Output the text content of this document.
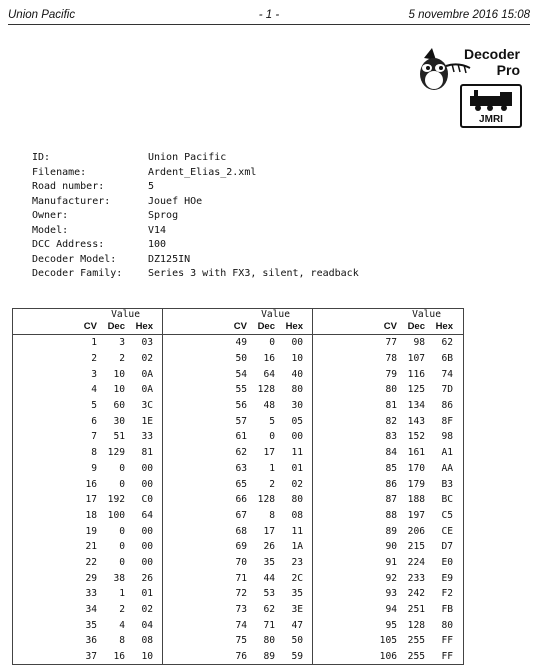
Union Pacific	- 1 -	5 novembre 2016 15:08
Decoder
Pro
JMRI
ID:	Union Pacific
Filename:	Ardent_Elias_2.xml
Road number:	5
Manufacturer:	Jouef HOe
Owner:	Sprog
Model:	V14
DCC Address:	100
Decoder Model:	DZ125IN
Decoder Family:	Series 3 with FX3, silent, readback
Value
CV	Dec	Hex
1	3	03
2	2	02
3	10	0A
4	10	0A
5	60	3C
6	30	1E
7	51	33
8	129	81
9	0	00
16	0	00
17	192	C0
18	100	64
19	0	00
21	0	00
22	0	00
29	38	26
33	1	01
34	2	02
35	4	04
36	8	08
37	16	10
Value
CV	Dec	Hex
49	0	00
50	16	10
54	64	40
55	128	80
56	48	30
57	5	05
61	0	00
62	17	11
63	1	01
65	2	02
66	128	80
67	8	08
68	17	11
69	26	1A
70	35	23
71	44	2C
72	53	35
73	62	3E
74	71	47
75	80	50
76	89	59
Value
CV	Dec	Hex
77	98	62
78	107	6B
79	116	74
80	125	7D
81	134	86
82	143	8F
83	152	98
84	161	A1
85	170	AA
86	179	B3
87	188	BC
88	197	C5
89	206	CE
90	215	D7
91	224	E0
92	233	E9
93	242	F2
94	251	FB
95	128	80
105	255	FF
106	255	FF
